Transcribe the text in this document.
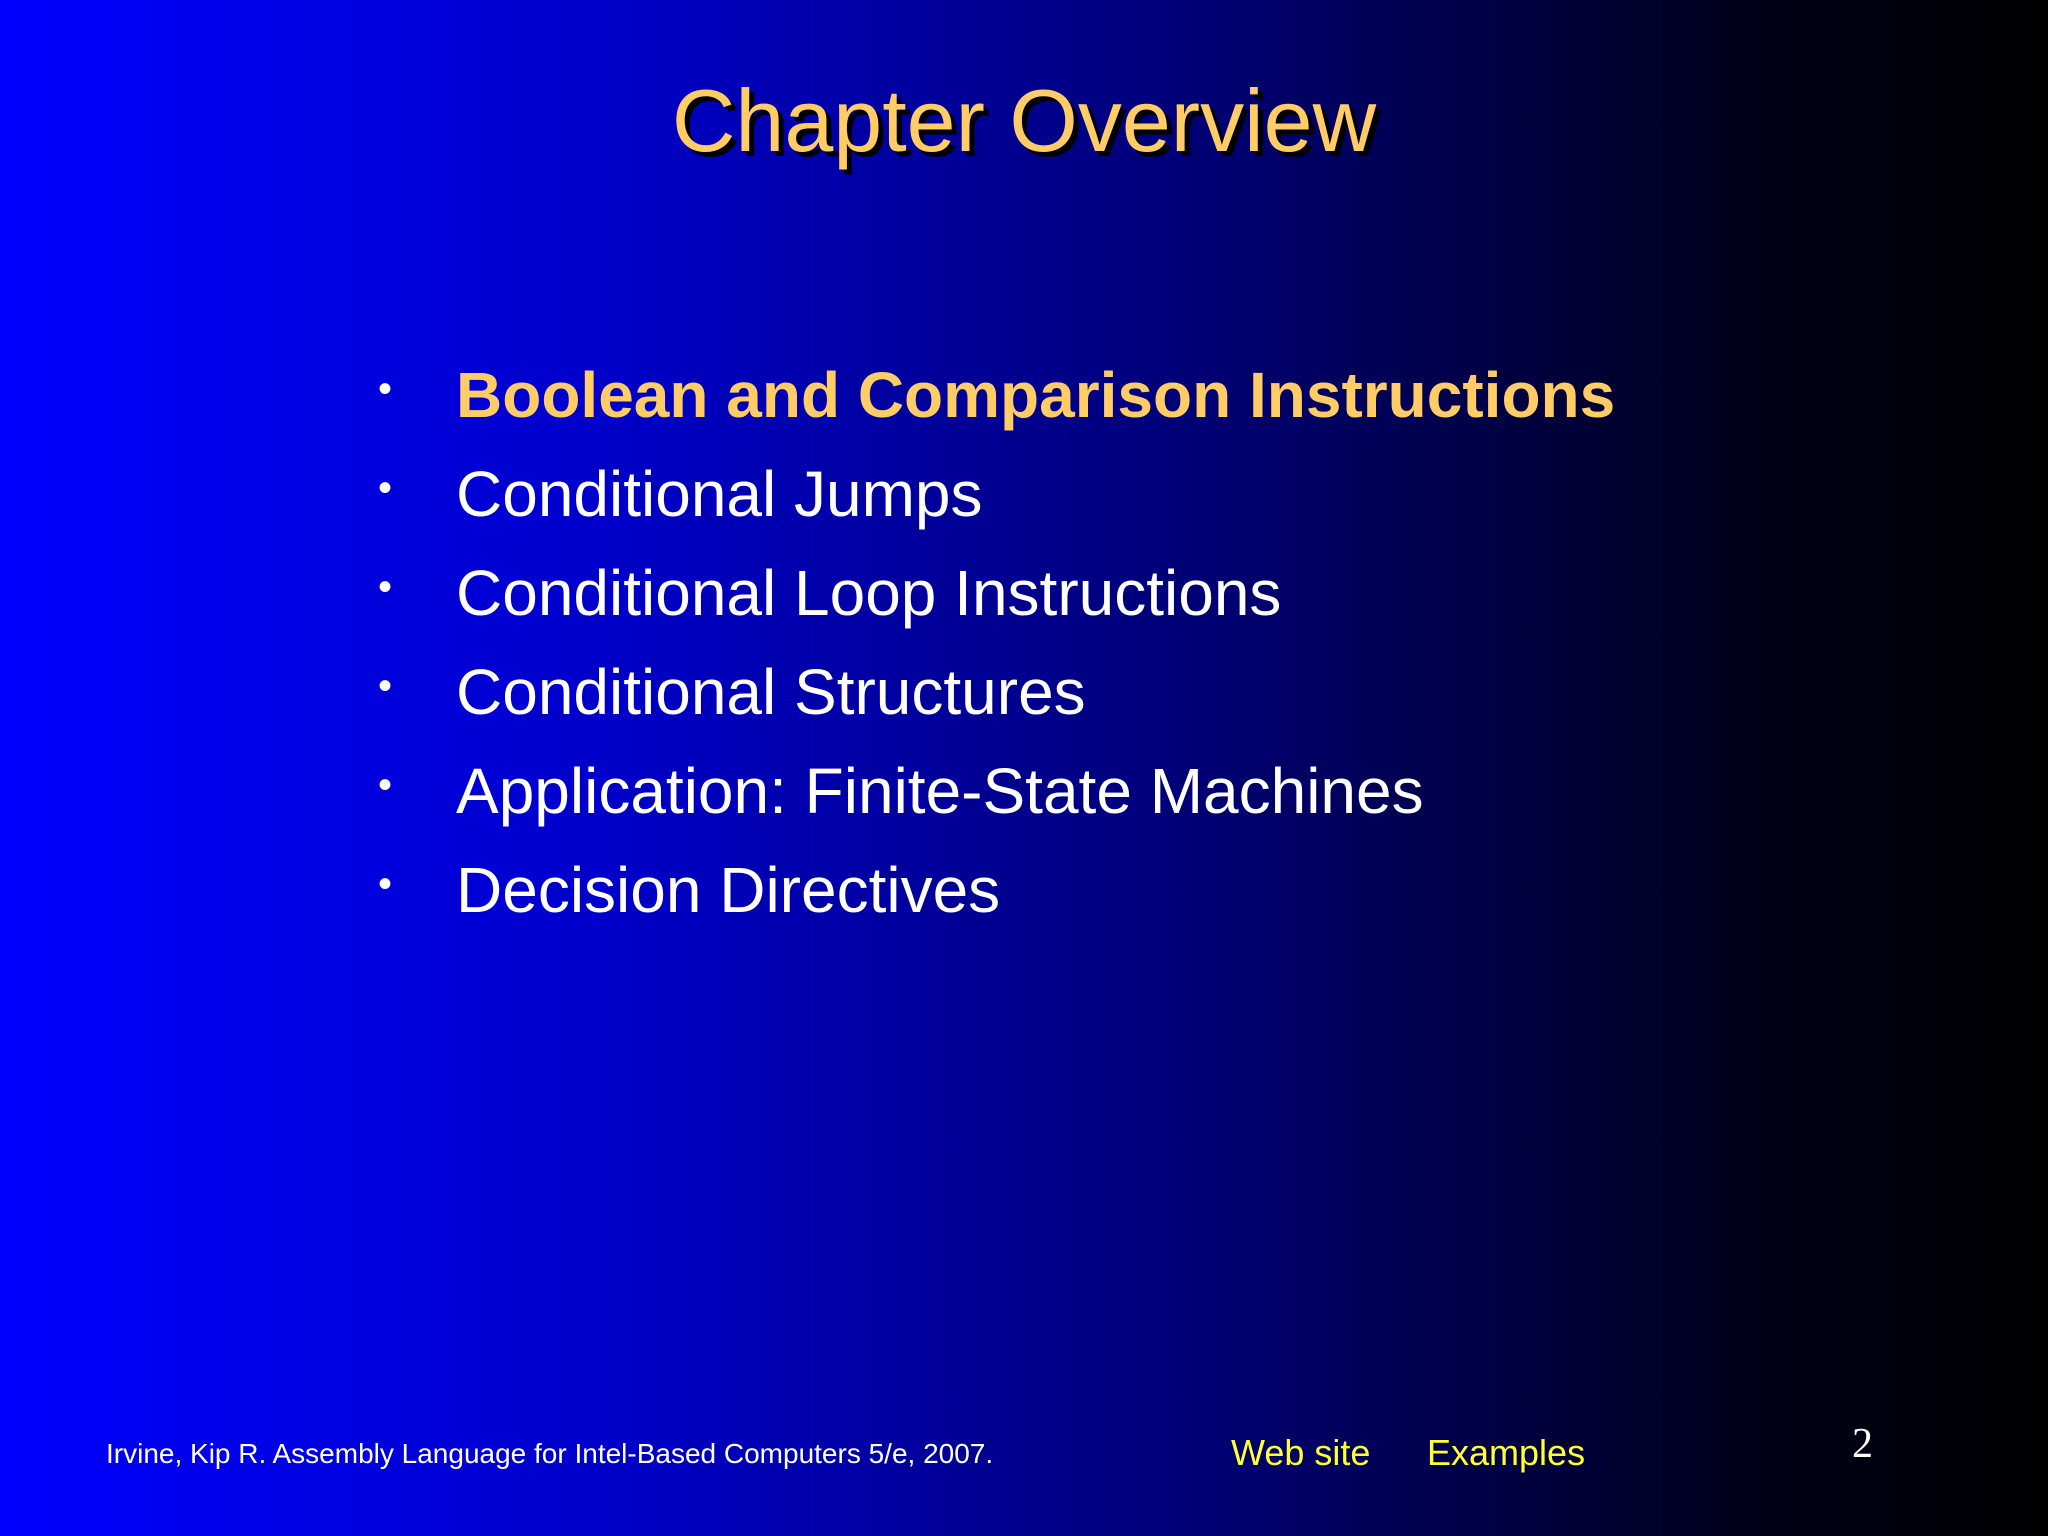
Chapter Overview
• Boolean and Comparison Instructions
• Conditional Jumps
• Conditional Loop Instructions
• Conditional Structures
• Application: Finite-State Machines
• Decision Directives
Irvine, Kip R. Assembly Language for Intel-Based Computers 5/e, 2007.	Web site Examples	2
